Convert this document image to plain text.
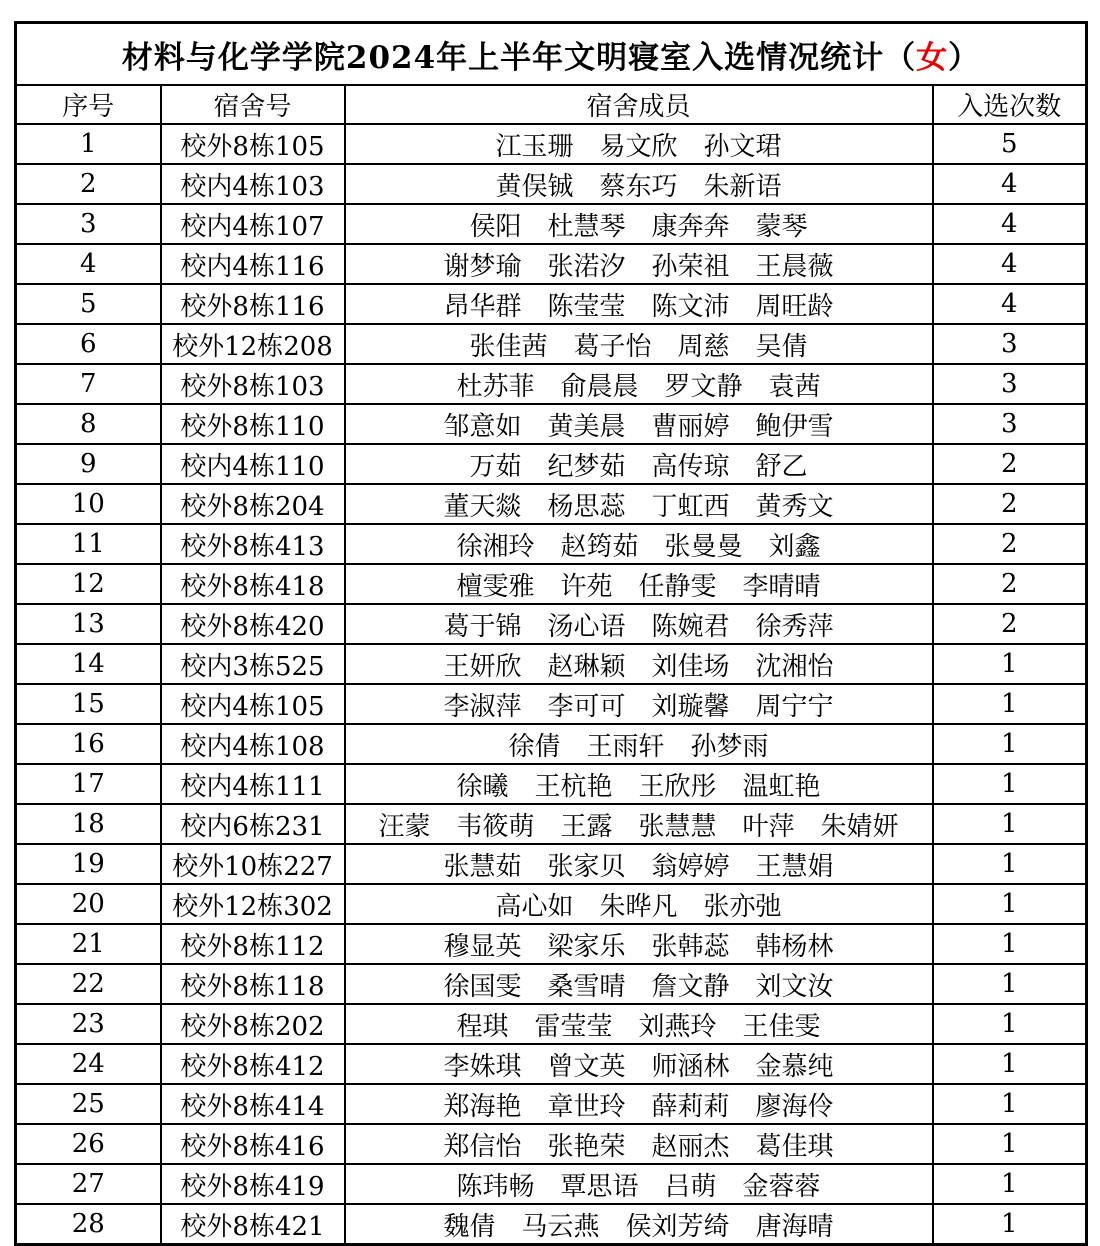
材料与化学学院2024年上半年文明寝室入选情况统计（女）			
序号	宿舍号	宿舍成员	入选次数
1	校外8栋105	江玉珊　易文欣　孙文珺	5
2	校内4栋103	黄俣铖　蔡东巧　朱新语	4
3	校内4栋107	侯阳　杜慧琴　康奔奔　蒙琴	4
4	校内4栋116	谢梦瑜　张渃汐　孙荣祖　王晨薇	4
5	校外8栋116	昂华群　陈莹莹　陈文沛　周旺龄	4
6	校外12栋208	张佳茜　葛子怡　周慈　吴倩	3
7	校外8栋103	杜苏菲　俞晨晨　罗文静　袁茜	3
8	校外8栋110	邹意如　黄美晨　曹丽婷　鲍伊雪	3
9	校内4栋110	万茹　纪梦茹　高传琼　舒乙	2
10	校外8栋204	董天燚　杨思蕊　丁虹西　黄秀文	2
11	校外8栋413	徐湘玲　赵筠茹　张曼曼　刘鑫	2
12	校外8栋418	檀雯雅　许苑　任静雯　李晴晴	2
13	校外8栋420	葛于锦　汤心语　陈婉君　徐秀萍	2
14	校内3栋525	王妍欣　赵琳颖　刘佳场　沈湘怡	1
15	校内4栋105	李淑萍　李可可　刘璇馨　周宁宁	1
16	校内4栋108	徐倩　王雨轩　孙梦雨	1
17	校内4栋111	徐曦　王杭艳　王欣彤　温虹艳	1
18	校内6栋231	汪蒙　韦筱萌　王露　张慧慧　叶萍　朱婧妍	1
19	校外10栋227	张慧茹　张家贝　翁婷婷　王慧娟	1
20	校外12栋302	高心如　朱晔凡　张亦弛	1
21	校外8栋112	穆显英　梁家乐　张韩蕊　韩杨林	1
22	校外8栋118	徐国雯　桑雪晴　詹文静　刘文汝	1
23	校外8栋202	程琪　雷莹莹　刘燕玲　王佳雯	1
24	校外8栋412	李姝琪　曾文英　师涵林　金慕纯	1
25	校外8栋414	郑海艳　章世玲　薛莉莉　廖海伶	1
26	校外8栋416	郑信怡　张艳荣　赵丽杰　葛佳琪	1
27	校外8栋419	陈玮畅　覃思语　吕萌　金蓉蓉	1
28	校外8栋421	魏倩　马云燕　侯刘芳绮　唐海晴	1
